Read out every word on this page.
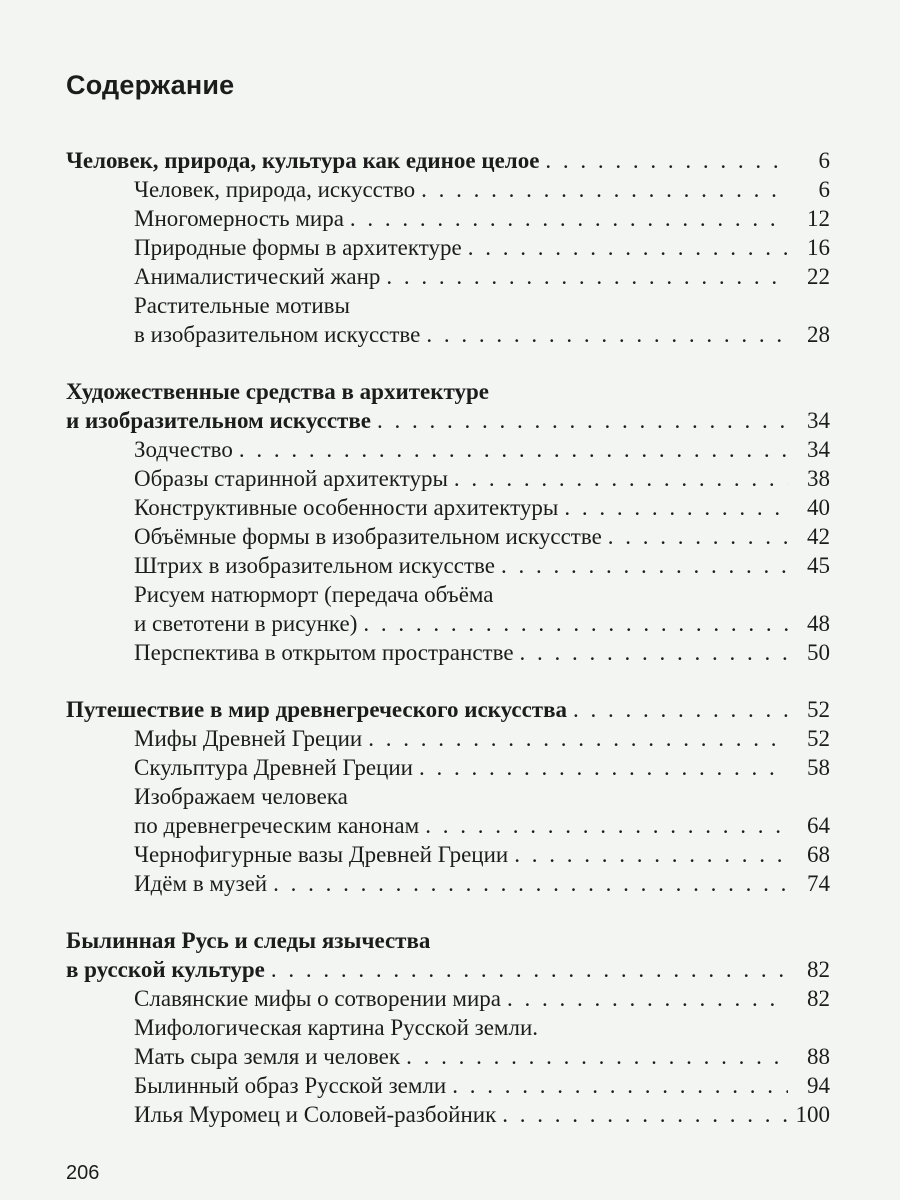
Содержание
Человек, природа, культура как единое целое . . .	6
Человек, природа, искусство . . .	6
Многомерность мира . . .	12
Природные формы в архитектуре . . .	16
Анималистический жанр . . .	22
Растительные мотивы
в изобразительном искусстве . . .	28
Художественные средства в архитектуре
и изобразительном искусстве . . .	34
Зодчество . . .	34
Образы старинной архитектуры . . .	38
Конструктивные особенности архитектуры . . .	40
Объёмные формы в изобразительном искусстве . . .	42
Штрих в изобразительном искусстве . . .	45
Рисуем натюрморт (передача объёма
и светотени в рисунке) . . .	48
Перспектива в открытом пространстве . . .	50
Путешествие в мир древнегреческого искусства . . .	52
Мифы Древней Греции . . .	52
Скульптура Древней Греции . . .	58
Изображаем человека
по древнегреческим канонам . . .	64
Чернофигурные вазы Древней Греции . . .	68
Идём в музей . . .	74
Былинная Русь и следы язычества
в русской культуре . . .	82
Славянские мифы о сотворении мира . . .	82
Мифологическая картина Русской земли.
Мать сыра земля и человек . . .	88
Былинный образ Русской земли . . .	94
Илья Муромец и Соловей-разбойник . . .	100
206
